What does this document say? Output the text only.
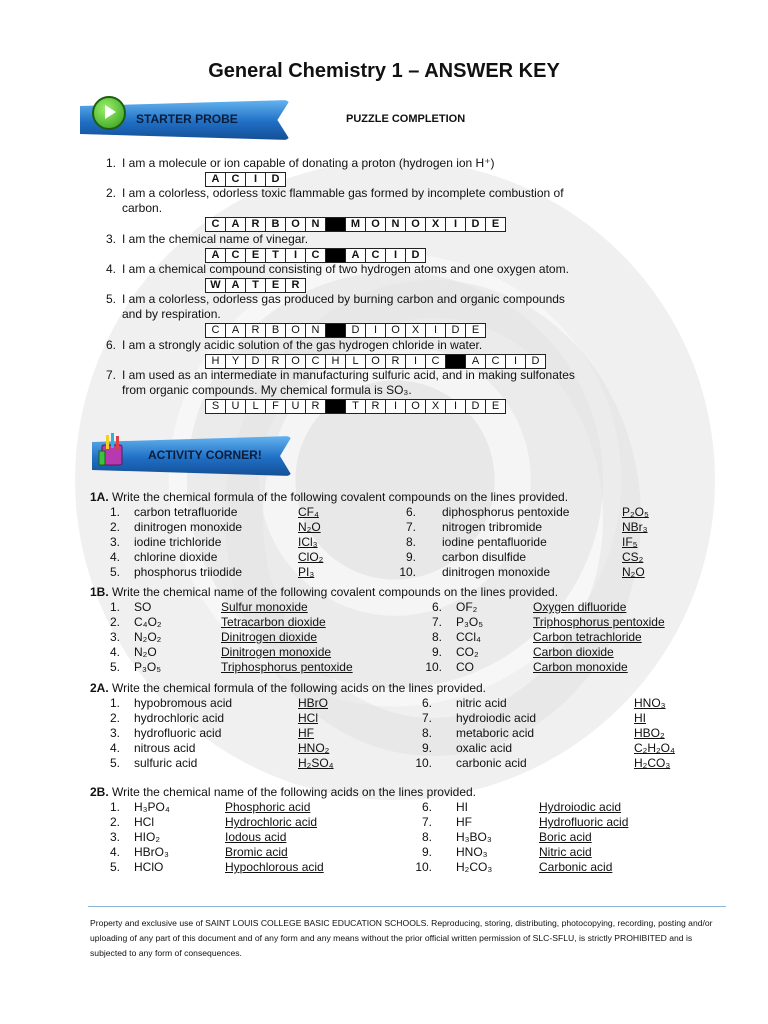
General Chemistry 1 – ANSWER KEY
STARTER PROBE	PUZZLE COMPLETION
1. I am a molecule or ion capable of donating a proton (hydrogen ion H⁺)
A	C	I	D
2. I am a colorless, odorless toxic flammable gas formed by incomplete combustion of
carbon.
C	A	R	B	O	N	M	O	N	O	X	I	D	E
3. I am the chemical name of vinegar.
A	C	E	T	I	C	A	C	I	D
4. I am a chemical compound consisting of two hydrogen atoms and one oxygen atom.
W A	T	E	R
5. I am a colorless, odorless gas produced by burning carbon and organic compounds
and by respiration.
C	A	R	B	O	N	D	I	O	X	I	D	E
6. I am a strongly acidic solution of the gas hydrogen chloride in water.
H	Y	D	R	O	C	H	L	O	R	I	C	A	C	I	D
7. I am used as an intermediate in manufacturing sulfuric acid, and in making sulfonates
from organic compounds. My chemical formula is SO₃.
S	U	L	F	U	R	T	R	I	O	X	I	D	E
ACTIVITY CORNER!
1A. Write the chemical formula of the following covalent compounds on the lines provided.
1. carbon tetrafluoride	CF₄
2. dinitrogen monoxide	N₂O
3. iodine trichloride	ICl₃
4. chlorine dioxide	ClO₂
5. phosphorus triiodide	PI₃
6. diphosphorus pentoxide	P₂O₅
7. nitrogen tribromide	NBr₃
8. iodine pentafluoride	IF₅
9. carbon disulfide	CS₂
10. dinitrogen monoxide	N₂O
1B. Write the chemical name of the following covalent compounds on the lines provided.
1. SO	Sulfur monoxide
2. C₄O₂	Tetracarbon dioxide
3. N₂O₂	Dinitrogen dioxide
4. N₂O	Dinitrogen monoxide
5. P₃O₅	Triphosphorus pentoxide
6. OF₂	Oxygen difluoride
7. P₃O₅	Triphosphorus pentoxide
8. CCl₄	Carbon tetrachloride
9. CO₂	Carbon dioxide
10. CO	Carbon monoxide
2A. Write the chemical formula of the following acids on the lines provided.
1. hypobromous acid	HBrO
2. hydrochloric acid	HCl
3. hydrofluoric acid	HF
4. nitrous acid	HNO₂
5. sulfuric acid	H₂SO₄
6. nitric acid	HNO₃
7. hydroiodic acid	HI
8. metaboric acid	HBO₂
9. oxalic acid	C₂H₂O₄
10. carbonic acid	H₂CO₃
2B. Write the chemical name of the following acids on the lines provided.
1. H₃PO₄	Phosphoric acid
2. HCl	Hydrochloric acid
3. HIO₂	Iodous acid
4. HBrO₃	Bromic acid
5. HClO	Hypochlorous acid
6. HI	Hydroiodic acid
7. HF	Hydrofluoric acid
8. H₃BO₃	Boric acid
9. HNO₃	Nitric acid
10. H₂CO₃	Carbonic acid
Property and exclusive use of SAINT LOUIS COLLEGE BASIC EDUCATION SCHOOLS. Reproducing, storing, distributing, photocopying, recording, posting and/or uploading of any part of this document and of any form and any means without the prior official written permission of SLC-SFLU, is strictly PROHIBITED and is subjected to any form of consequences.
